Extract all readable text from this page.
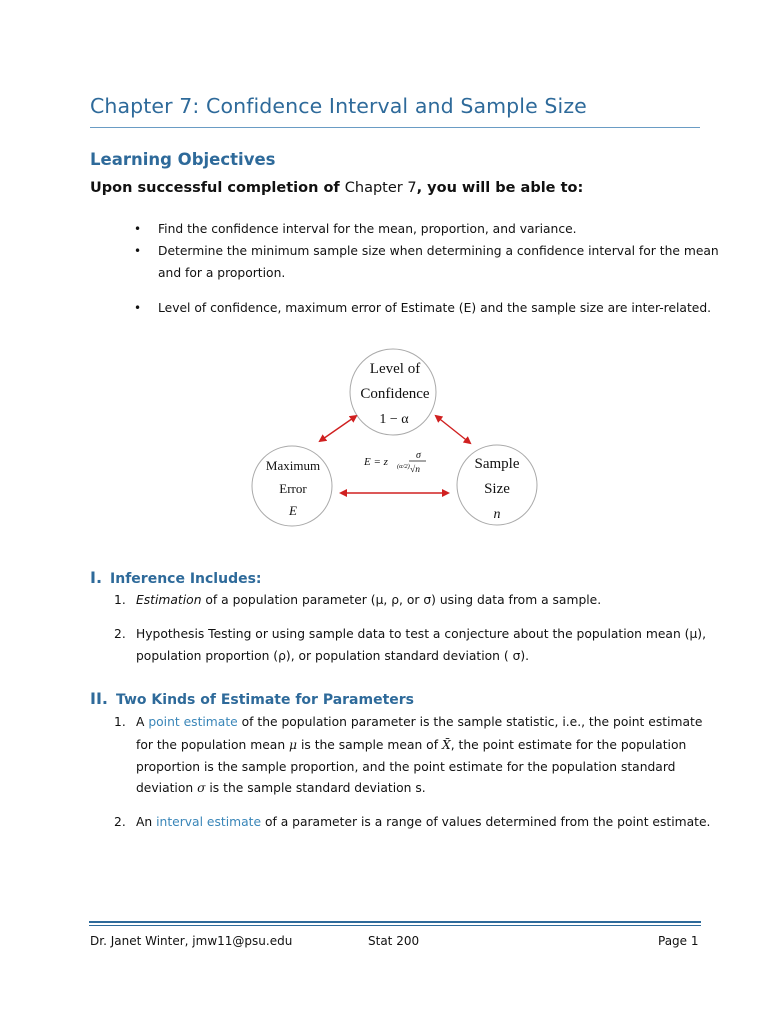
Chapter 7: Confidence Interval and Sample Size
Learning Objectives
Upon successful completion of Chapter 7, you will be able to:
• Find the confidence interval for the mean, proportion, and variance.
• Determine the minimum sample size when determining a confidence interval for the mean
and for a proportion.
• Level of confidence, maximum error of Estimate (E) and the sample size are inter-related.
Level of
Confidence
1 − α
Maximum
Error
E
Sample
Size
n
E = z (α/2)
σ
√n
I. Inference Includes:
1. Estimation of a population parameter (μ, ρ, or σ) using data from a sample.
2. Hypothesis Testing or using sample data to test a conjecture about the population mean (μ),
population proportion (ρ), or population standard deviation ( σ).
II. Two Kinds of Estimate for Parameters
1. A point estimate of the population parameter is the sample statistic, i.e., the point estimate
for the population mean μ is the sample mean of X̄, the point estimate for the population
proportion is the sample proportion, and the point estimate for the population standard
deviation σ is the sample standard deviation s.
2. An interval estimate of a parameter is a range of values determined from the point estimate.
Dr. Janet Winter, jmw11@psu.edu	Stat 200	Page 1
